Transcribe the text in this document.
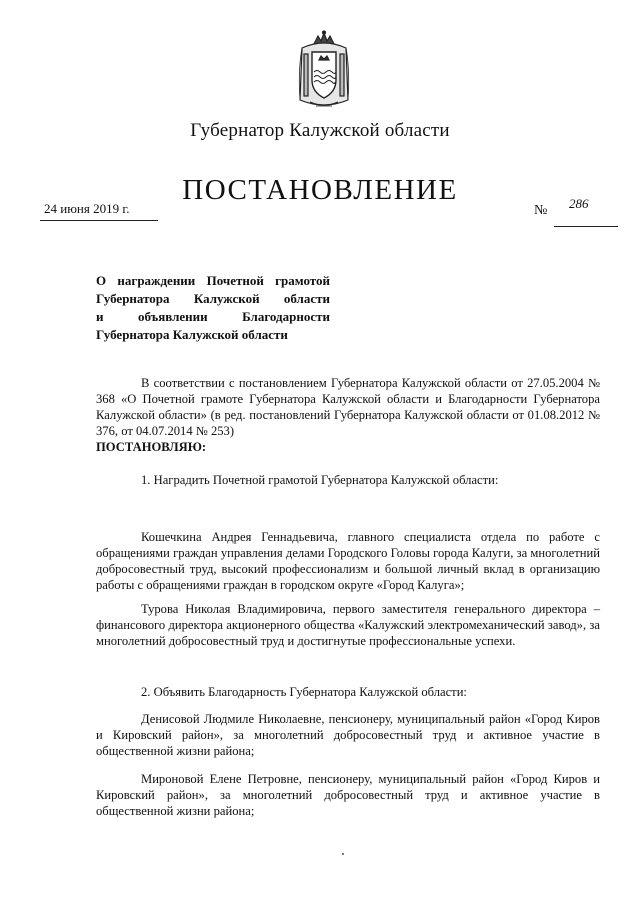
Губернатор Калужской области
ПОСТАНОВЛЕНИЕ
24 июня 2019 г.	№ 286
О награждении Почетной грамотой
Губернатора Калужской области
и объявлении Благодарности
Губернатора Калужской области
В соответствии с постановлением Губернатора Калужской области от 27.05.2004 № 368 «О Почетной грамоте Губернатора Калужской области и Благодарности Губернатора Калужской области» (в ред. постановлений Губернатора Калужской области от 01.08.2012 № 376, от 04.07.2014 № 253)
ПОСТАНОВЛЯЮ:
1. Наградить Почетной грамотой Губернатора Калужской области:
Кошечкина Андрея Геннадьевича, главного специалиста отдела по работе с обращениями граждан управления делами Городского Головы города Калуги, за многолетний добросовестный труд, высокий профессионализм и большой личный вклад в организацию работы с обращениями граждан в городском округе «Город Калуга»;
Турова Николая Владимировича, первого заместителя генерального директора – финансового директора акционерного общества «Калужский электромеханический завод», за многолетний добросовестный труд и достигнутые профессиональные успехи.
2. Объявить Благодарность Губернатора Калужской области:
Денисовой Людмиле Николаевне, пенсионеру, муниципальный район «Город Киров и Кировский район», за многолетний добросовестный труд и активное участие в общественной жизни района;
Мироновой Елене Петровне, пенсионеру, муниципальный район «Город Киров и Кировский район», за многолетний добросовестный труд и активное участие в общественной жизни района;
